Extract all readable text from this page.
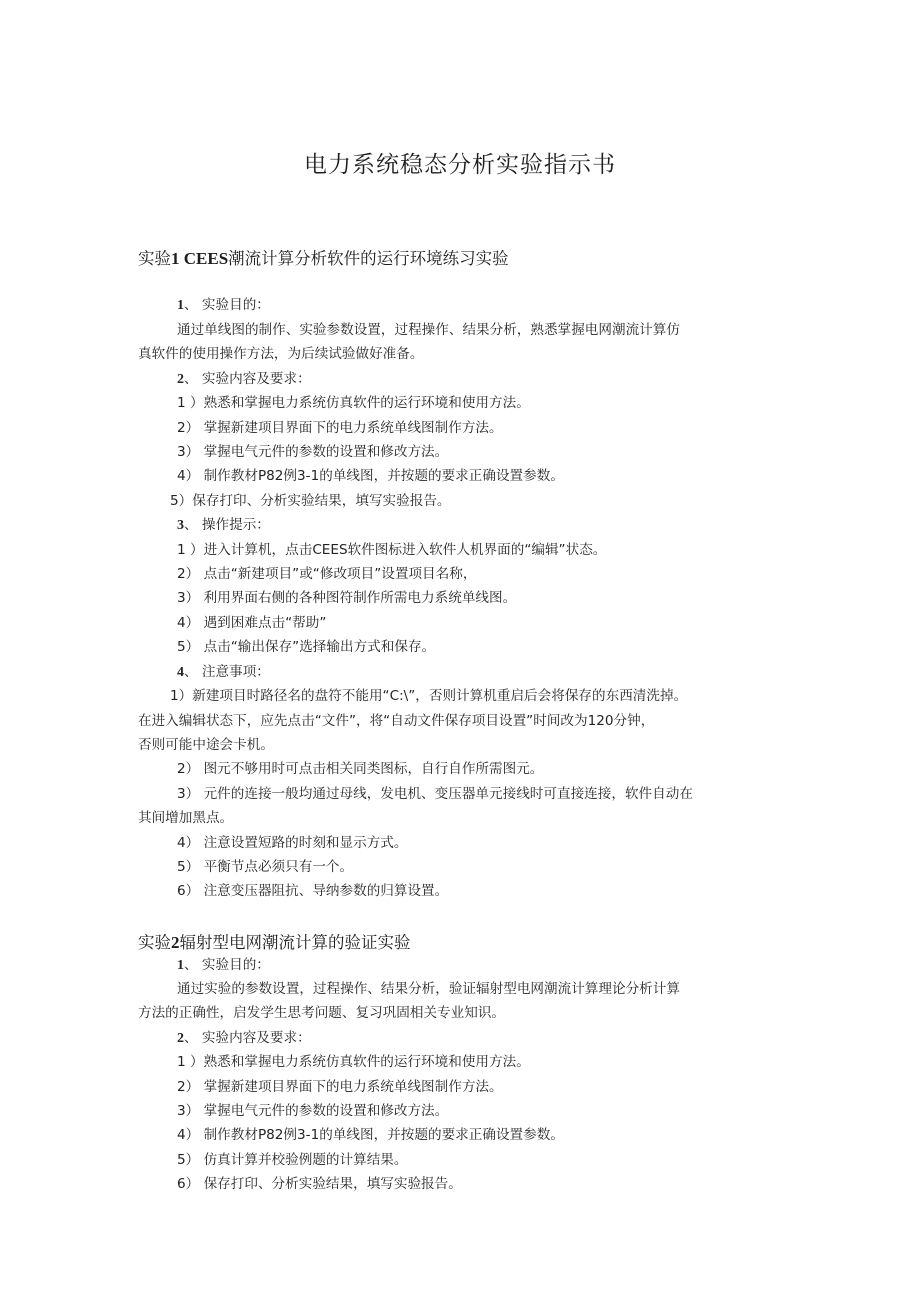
电力系统稳态分析实验指示书
实验1 CEES潮流计算分析软件的运行环境练习实验
1、 实验目的：
通过单线图的制作、实验参数设置，过程操作、结果分析，熟悉掌握电网潮流计算仿
真软件的使用操作方法，为后续试验做好准备。
2、 实验内容及要求：
1 ）熟悉和掌握电力系统仿真软件的运行环境和使用方法。
2） 掌握新建项目界面下的电力系统单线图制作方法。
3） 掌握电气元件的参数的设置和修改方法。
4） 制作教材P82例3-1的单线图，并按题的要求正确设置参数。
5）保存打印、分析实验结果，填写实验报告。
3、 操作提示：
1 ）进入计算机，点击CEES软件图标进入软件人机界面的“编辑”状态。
2） 点击“新建项目”或“修改项目”设置项目名称，
3） 利用界面右侧的各种图符制作所需电力系统单线图。
4） 遇到困难点击“帮助”
5） 点击“输出保存”选择输出方式和保存。
4、 注意事项：
1）新建项目时路径名的盘符不能用“C:\”，否则计算机重启后会将保存的东西清洗掉。
在进入编辑状态下，应先点击“文件”，将“自动文件保存项目设置”时间改为120分钟，
否则可能中途会卡机。
2） 图元不够用时可点击相关同类图标，自行自作所需图元。
3） 元件的连接一般均通过母线，发电机、变压器单元接线时可直接连接，软件自动在
其间增加黑点。
4） 注意设置短路的时刻和显示方式。
5） 平衡节点必须只有一个。
6） 注意变压器阻抗、导纳参数的归算设置。
实验2辐射型电网潮流计算的验证实验
1、 实验目的：
通过实验的参数设置，过程操作、结果分析，验证辐射型电网潮流计算理论分析计算
方法的正确性，启发学生思考问题、复习巩固相关专业知识。
2、 实验内容及要求：
1 ）熟悉和掌握电力系统仿真软件的运行环境和使用方法。
2） 掌握新建项目界面下的电力系统单线图制作方法。
3） 掌握电气元件的参数的设置和修改方法。
4） 制作教材P82例3-1的单线图，并按题的要求正确设置参数。
5） 仿真计算并校验例题的计算结果。
6） 保存打印、分析实验结果，填写实验报告。
